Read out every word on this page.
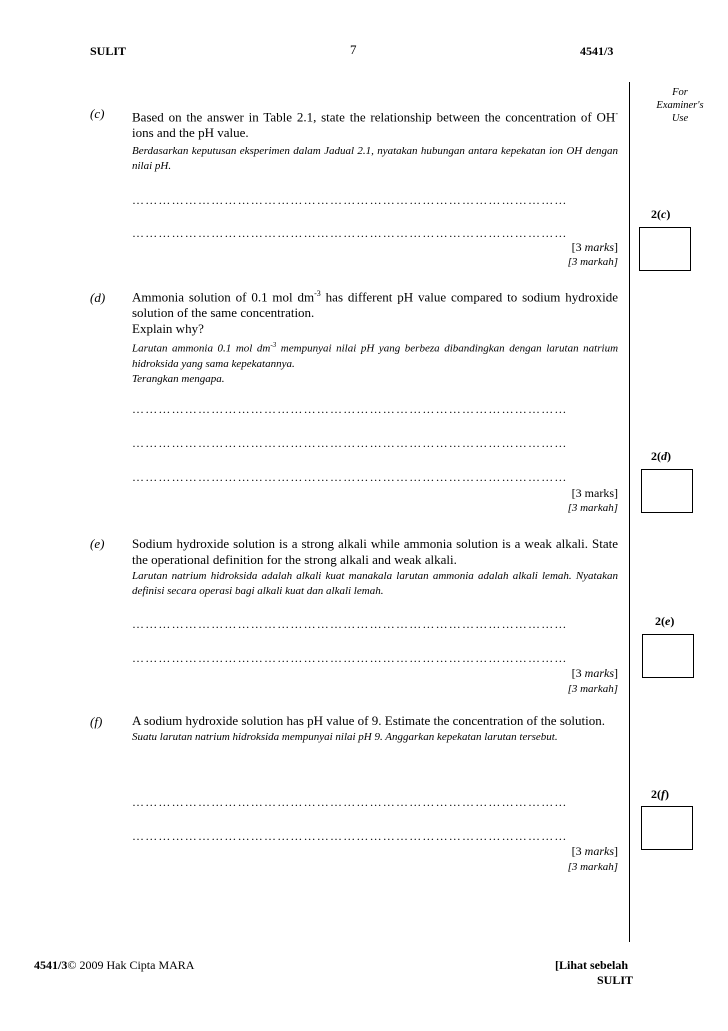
SULIT	7	4541/3
For
Examiner's
Use
(c) Based on the answer in Table 2.1, state the relationship between the concentration of OH- ions and the pH value.
Berdasarkan keputusan eksperimen dalam Jadual 2.1, nyatakan hubungan antara kepekatan ion OH dengan nilai pH.
………………………………………………………………………………………
………………………………………………………………………………………
[3 marks]
[3 markah]
2(c)
(d) Ammonia solution of 0.1 mol $dm^{-3}$ has different pH value compared to sodium hydroxide solution of the same concentration.
Explain why?
Larutan ammonia 0.1 mol $dm^{-3}$ mempunyai nilai pH yang berbeza dibandingkan dengan larutan natrium hidroksida yang sama kepekatannya.
Terangkan mengapa.
………………………………………………………………………………………
………………………………………………………………………………………
………………………………………………………………………………………
[3 marks]
[3 markah]
2(d)
(e) Sodium hydroxide solution is a strong alkali while ammonia solution is a weak alkali. State the operational definition for the strong alkali and weak alkali.
Larutan natrium hidroksida adalah alkali kuat manakala larutan ammonia adalah alkali lemah. Nyatakan definisi secara operasi bagi alkali kuat dan alkali lemah.
………………………………………………………………………………………
………………………………………………………………………………………
[3 marks]
[3 markah]
2(e)
(f) A sodium hydroxide solution has pH value of 9. Estimate the concentration of the solution.
Suatu larutan natrium hidroksida mempunyai nilai pH 9. Anggarkan kepekatan larutan tersebut.
………………………………………………………………………………………
………………………………………………………………………………………
[3 marks]
[3 markah]
2(f)
4541/3© 2009 Hak Cipta MARA	[Lihat sebelah
SULIT
